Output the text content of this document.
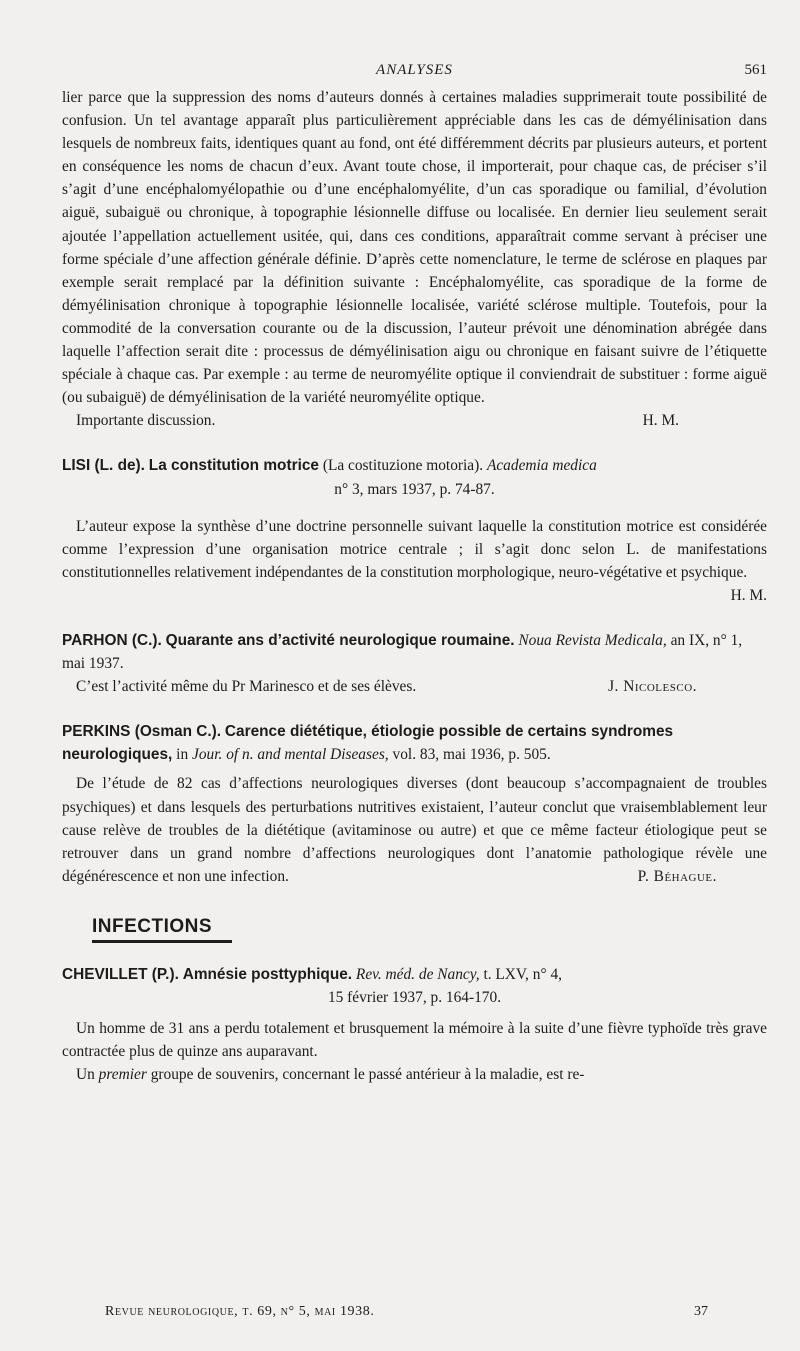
ANALYSES	561

lier parce que la suppression des noms d’auteurs donnés à certaines maladies supprimerait toute possibilité de confusion. Un tel avantage apparaît plus particulièrement appréciable dans les cas de démyélinisation dans lesquels de nombreux faits, identiques quant au fond, ont été différemment décrits par plusieurs auteurs, et portent en conséquence les noms de chacun d’eux. Avant toute chose, il importerait, pour chaque cas, de préciser s’il s’agit d’une encéphalomyélopathie ou d’une encéphalomyélite, d’un cas sporadique ou familial, d’évolution aiguë, subaiguë ou chronique, à topographie lésionnelle diffuse ou localisée. En dernier lieu seulement serait ajoutée l’appellation actuellement usitée, qui, dans ces conditions, apparaîtrait comme servant à préciser une forme spéciale d’une affection générale définie. D’après cette nomenclature, le terme de sclérose en plaques par exemple serait remplacé par la définition suivante : Encéphalomyélite, cas sporadique de la forme de démyélinisation chronique à topographie lésionnelle localisée, variété sclérose multiple. Toutefois, pour la commodité de la conversation courante ou de la discussion, l’auteur prévoit une dénomination abrégée dans laquelle l’affection serait dite : processus de démyélinisation aigu ou chronique en faisant suivre de l’étiquette spéciale à chaque cas. Par exemple : au terme de neuromyélite optique il conviendrait de substituer : forme aiguë (ou subaiguë) de démyélinisation de la variété neuromyélite optique.

Importante discussion.	H. M.
LISI (L. de). La constitution motrice (La costituzione motoria). Academia medica
n° 3, mars 1937, p. 74-87.

L’auteur expose la synthèse d’une doctrine personnelle suivant laquelle la constitution motrice est considérée comme l’expression d’une organisation motrice centrale ; il s’agit donc selon L. de manifestations constitutionnelles relativement indépendantes de la constitution morphologique, neuro-végétative et psychique.

H. M.
PARHON (C.). Quarante ans d’activité neurologique roumaine. Noua Revista Medicala, an IX, n° 1, mai 1937.
C’est l’activité même du Pr Marinesco et de ses élèves.	J. Nicolesco.
PERKINS (Osman C.). Carence diététique, étiologie possible de certains syndromes neurologiques, in Jour. of n. and mental Diseases, vol. 83, mai 1936, p. 505.

De l’étude de 82 cas d’affections neurologiques diverses (dont beaucoup s’accompagnaient de troubles psychiques) et dans lesquels des perturbations nutritives existaient, l’auteur conclut que vraisemblablement leur cause relève de troubles de la diététique (avitaminose ou autre) et que ce même facteur étiologique peut se retrouver dans un grand nombre d’affections neurologiques dont l’anatomie pathologique révèle une dégénérescence et non une infection.	P. Béhague.

INFECTIONS
CHEVILLET (P.). Amnésie posttyphique. Rev. méd. de Nancy, t. LXV, n° 4,
15 février 1937, p. 164-170.

Un homme de 31 ans a perdu totalement et brusquement la mémoire à la suite d’une fièvre typhoïde très grave contractée plus de quinze ans auparavant.

Un premier groupe de souvenirs, concernant le passé antérieur à la maladie, est re-

Revue neurologique, t. 69, n° 5, mai 1938.	37
